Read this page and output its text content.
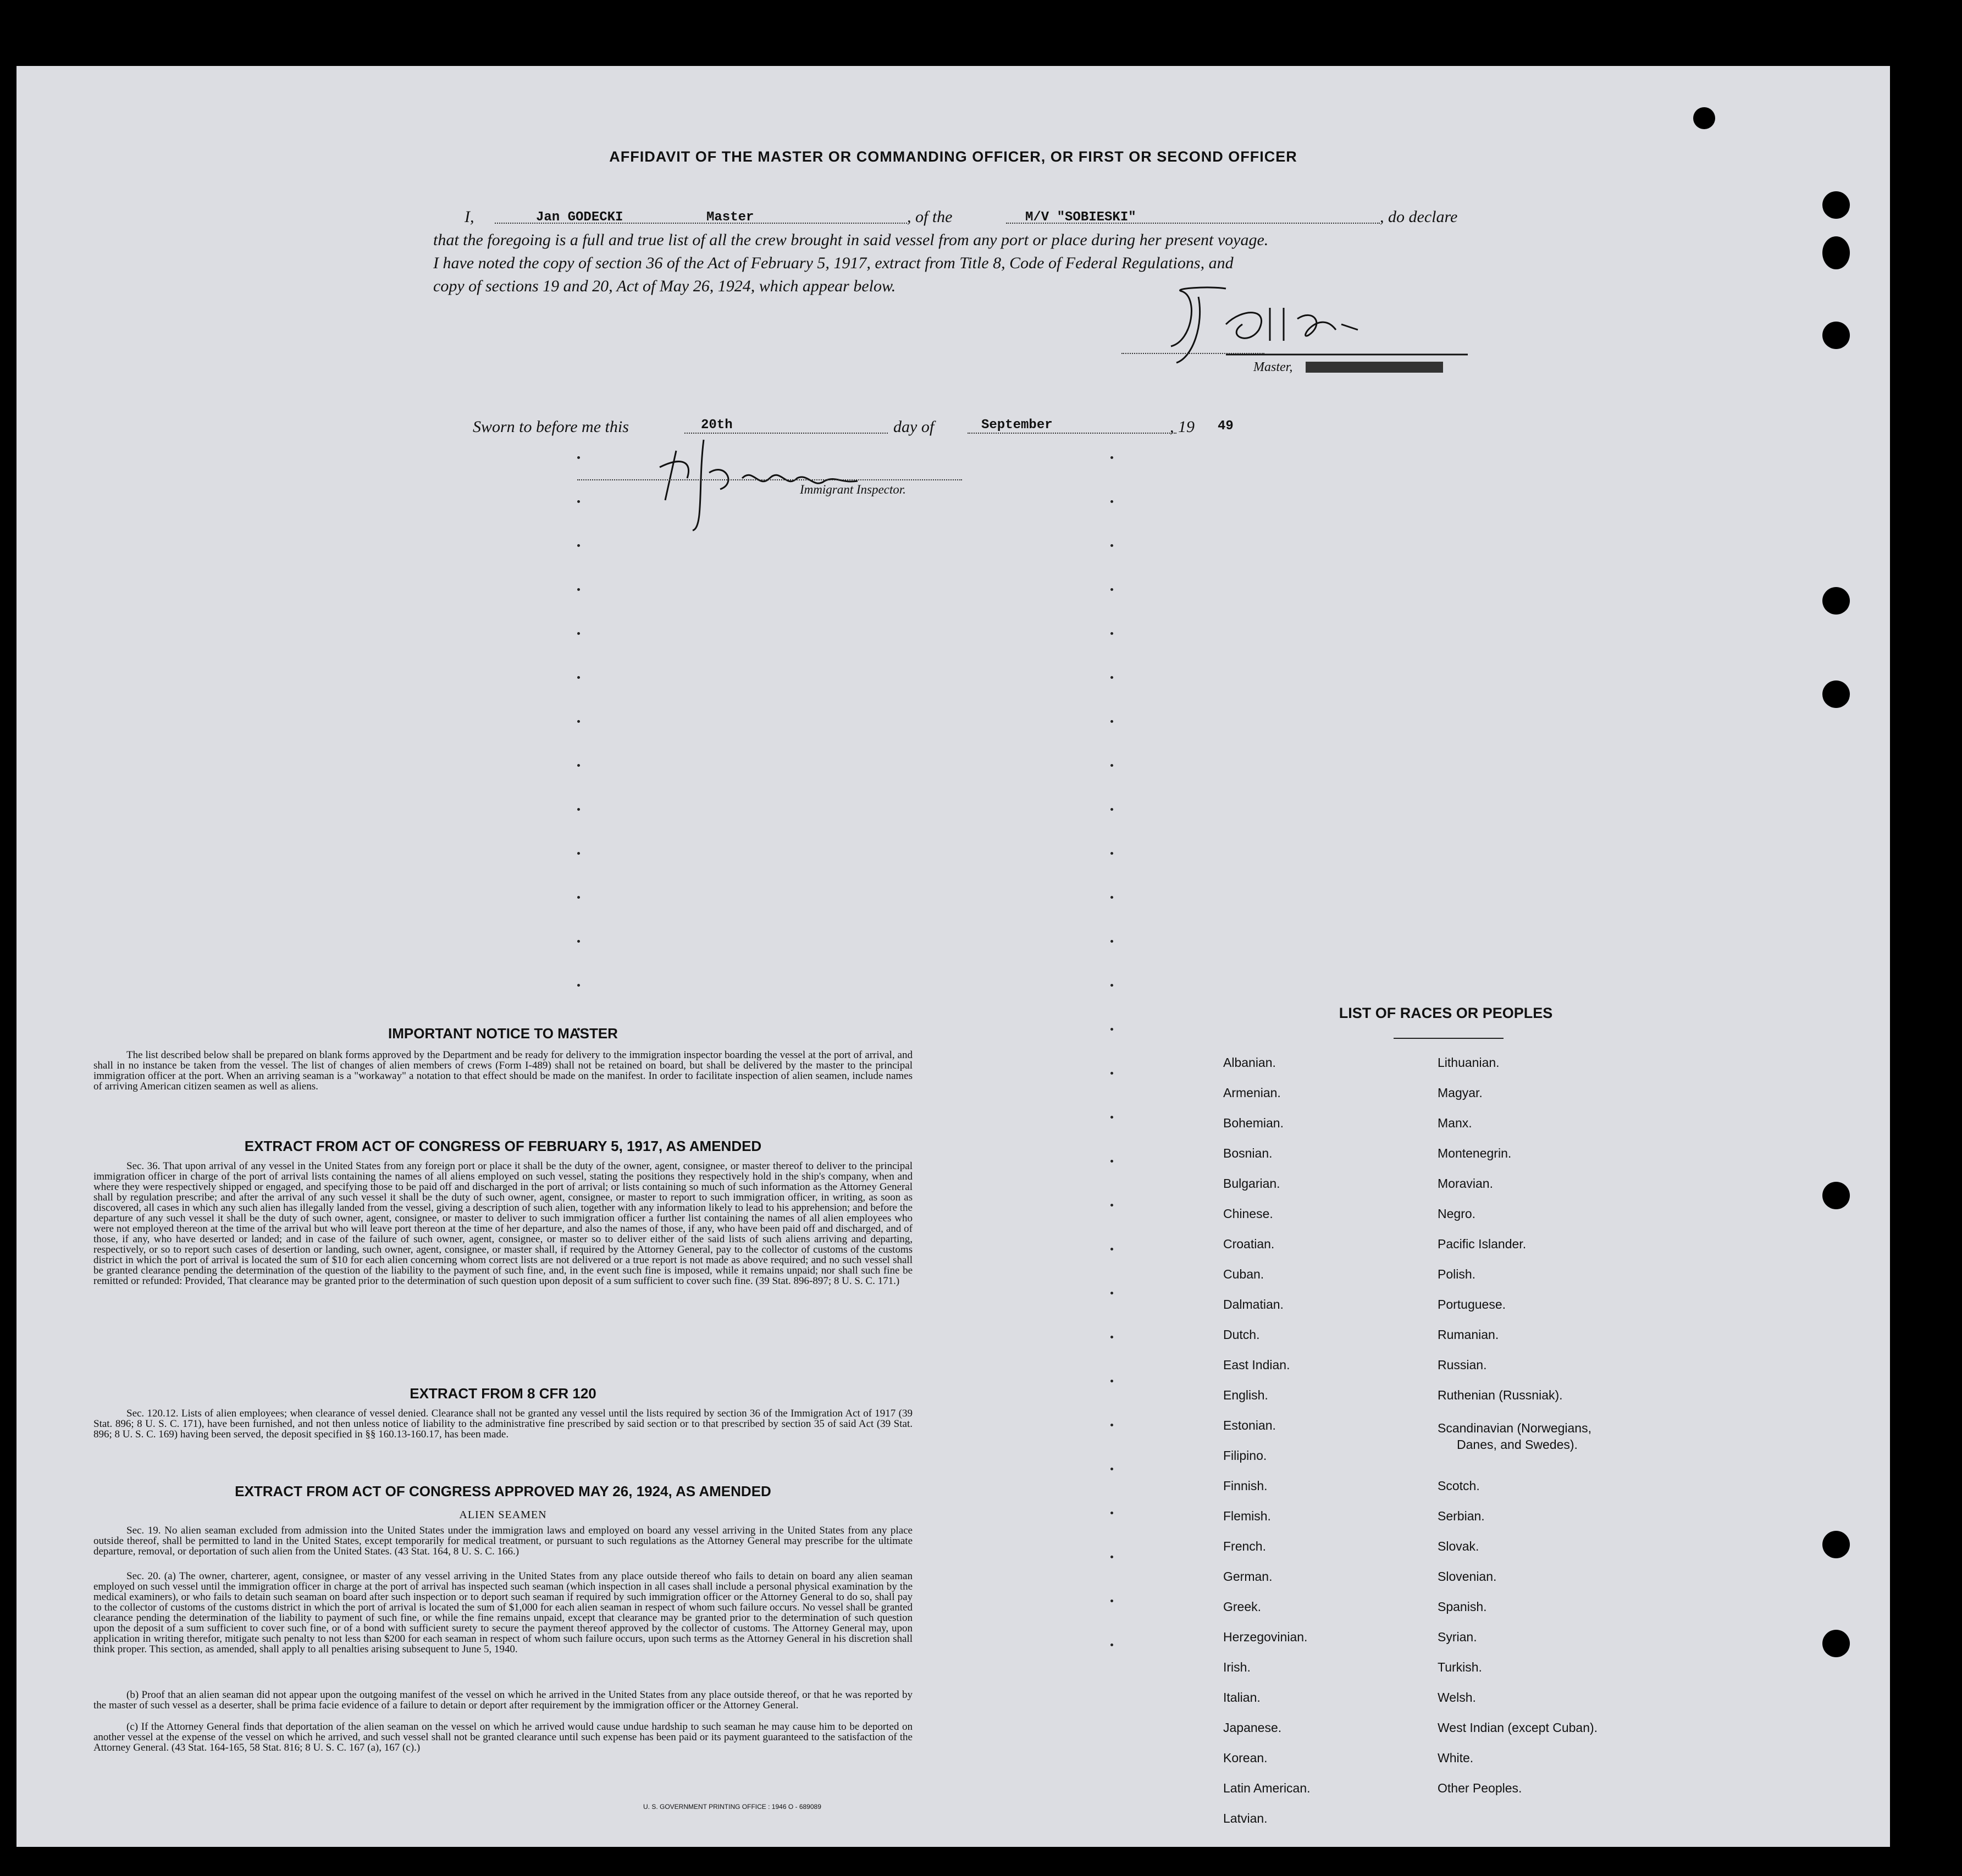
AFFIDAVIT OF THE MASTER OR COMMANDING OFFICER, OR FIRST OR SECOND OFFICER
I,	Jan GODECKI	Master	, of the	M/V "SOBIESKI"	, do declare
that the foregoing is a full and true list of all the crew brought in said vessel from any port or place during her present voyage.
I have noted the copy of section 36 of the Act of February 5, 1917, extract from Title 8, Code of Federal Regulations, and
copy of sections 19 and 20, Act of May 26, 1924, which appear below.
Master,
Sworn to before me this	20th	day of	September	, 19 49
Immigrant Inspector.
IMPORTANT NOTICE TO MASTER
The list described below shall be prepared on blank forms approved by the Department and be ready for delivery to the immigration inspector boarding the vessel at the port of arrival, and shall in no instance be taken from the vessel. The list of changes of alien members of crews (Form I-489) shall not be retained on board, but shall be delivered by the master to the principal immigration officer at the port. When an arriving seaman is a "workaway" a notation to that effect should be made on the manifest. In order to facilitate inspection of alien seamen, include names of arriving American citizen seamen as well as aliens.
EXTRACT FROM ACT OF CONGRESS OF FEBRUARY 5, 1917, AS AMENDED
Sec. 36. That upon arrival of any vessel in the United States from any foreign port or place it shall be the duty of the owner, agent, consignee, or master thereof to deliver to the principal immigration officer in charge of the port of arrival lists containing the names of all aliens employed on such vessel, stating the positions they respectively hold in the ship's company, when and where they were respectively shipped or engaged, and specifying those to be paid off and discharged in the port of arrival; or lists containing so much of such information as the Attorney General shall by regulation prescribe; and after the arrival of any such vessel it shall be the duty of such owner, agent, consignee, or master to report to such immigration officer, in writing, as soon as discovered, all cases in which any such alien has illegally landed from the vessel, giving a description of such alien, together with any information likely to lead to his apprehension; and before the departure of any such vessel it shall be the duty of such owner, agent, consignee, or master to deliver to such immigration officer a further list containing the names of all alien employees who were not employed thereon at the time of the arrival but who will leave port thereon at the time of her departure, and also the names of those, if any, who have been paid off and discharged, and of those, if any, who have deserted or landed; and in case of the failure of such owner, agent, consignee, or master so to deliver either of the said lists of such aliens arriving and departing, respectively, or so to report such cases of desertion or landing, such owner, agent, consignee, or master shall, if required by the Attorney General, pay to the collector of customs of the customs district in which the port of arrival is located the sum of $10 for each alien concerning whom correct lists are not delivered or a true report is not made as above required; and no such vessel shall be granted clearance pending the determination of the question of the liability to the payment of such fine, and, in the event such fine is imposed, while it remains unpaid; nor shall such fine be remitted or refunded: Provided, That clearance may be granted prior to the determination of such question upon deposit of a sum sufficient to cover such fine. (39 Stat. 896-897; 8 U. S. C. 171.)
EXTRACT FROM 8 CFR 120
Sec. 120.12. Lists of alien employees; when clearance of vessel denied. Clearance shall not be granted any vessel until the lists required by section 36 of the Immigration Act of 1917 (39 Stat. 896; 8 U. S. C. 171), have been furnished, and not then unless notice of liability to the administrative fine prescribed by said section or to that prescribed by section 35 of said Act (39 Stat. 896; 8 U. S. C. 169) having been served, the deposit specified in §§ 160.13-160.17, has been made.
EXTRACT FROM ACT OF CONGRESS APPROVED MAY 26, 1924, AS AMENDED
ALIEN SEAMEN
Sec. 19. No alien seaman excluded from admission into the United States under the immigration laws and employed on board any vessel arriving in the United States from any place outside thereof, shall be permitted to land in the United States, except temporarily for medical treatment, or pursuant to such regulations as the Attorney General may prescribe for the ultimate departure, removal, or deportation of such alien from the United States. (43 Stat. 164, 8 U. S. C. 166.)
Sec. 20. (a) The owner, charterer, agent, consignee, or master of any vessel arriving in the United States from any place outside thereof who fails to detain on board any alien seaman employed on such vessel until the immigration officer in charge at the port of arrival has inspected such seaman (which inspection in all cases shall include a personal physical examination by the medical examiners), or who fails to detain such seaman on board after such inspection or to deport such seaman if required by such immigration officer or the Attorney General to do so, shall pay to the collector of customs of the customs district in which the port of arrival is located the sum of $1,000 for each alien seaman in respect of whom such failure occurs. No vessel shall be granted clearance pending the determination of the liability to payment of such fine, or while the fine remains unpaid, except that clearance may be granted prior to the determination of such question upon the deposit of a sum sufficient to cover such fine, or of a bond with sufficient surety to secure the payment thereof approved by the collector of customs. The Attorney General may, upon application in writing therefor, mitigate such penalty to not less than $200 for each seaman in respect of whom such failure occurs, upon such terms as the Attorney General in his discretion shall think proper. This section, as amended, shall apply to all penalties arising subsequent to June 5, 1940.
(b) Proof that an alien seaman did not appear upon the outgoing manifest of the vessel on which he arrived in the United States from any place outside thereof, or that he was reported by the master of such vessel as a deserter, shall be prima facie evidence of a failure to detain or deport after requirement by the immigration officer or the Attorney General.
(c) If the Attorney General finds that deportation of the alien seaman on the vessel on which he arrived would cause undue hardship to such seaman he may cause him to be deported on another vessel at the expense of the vessel on which he arrived, and such vessel shall not be granted clearance until such expense has been paid or its payment guaranteed to the satisfaction of the Attorney General. (43 Stat. 164-165, 58 Stat. 816; 8 U. S. C. 167 (a), 167 (c).)
U. S. GOVERNMENT PRINTING OFFICE : 1946 O - 689089
LIST OF RACES OR PEOPLES
Albanian.
Armenian.
Bohemian.
Bosnian.
Bulgarian.
Chinese.
Croatian.
Cuban.
Dalmatian.
Dutch.
East Indian.
English.
Estonian.
Filipino.
Finnish.
Flemish.
French.
German.
Greek.
Herzegovinian.
Irish.
Italian.
Japanese.
Korean.
Latin American.
Latvian.
Lithuanian.
Magyar.
Manx.
Montenegrin.
Moravian.
Negro.
Pacific Islander.
Polish.
Portuguese.
Rumanian.
Russian.
Ruthenian (Russniak).
Scandinavian (Norwegians,
Danes, and Swedes).
Scotch.
Serbian.
Slovak.
Slovenian.
Spanish.
Syrian.
Turkish.
Welsh.
West Indian (except Cuban).
White.
Other Peoples.
